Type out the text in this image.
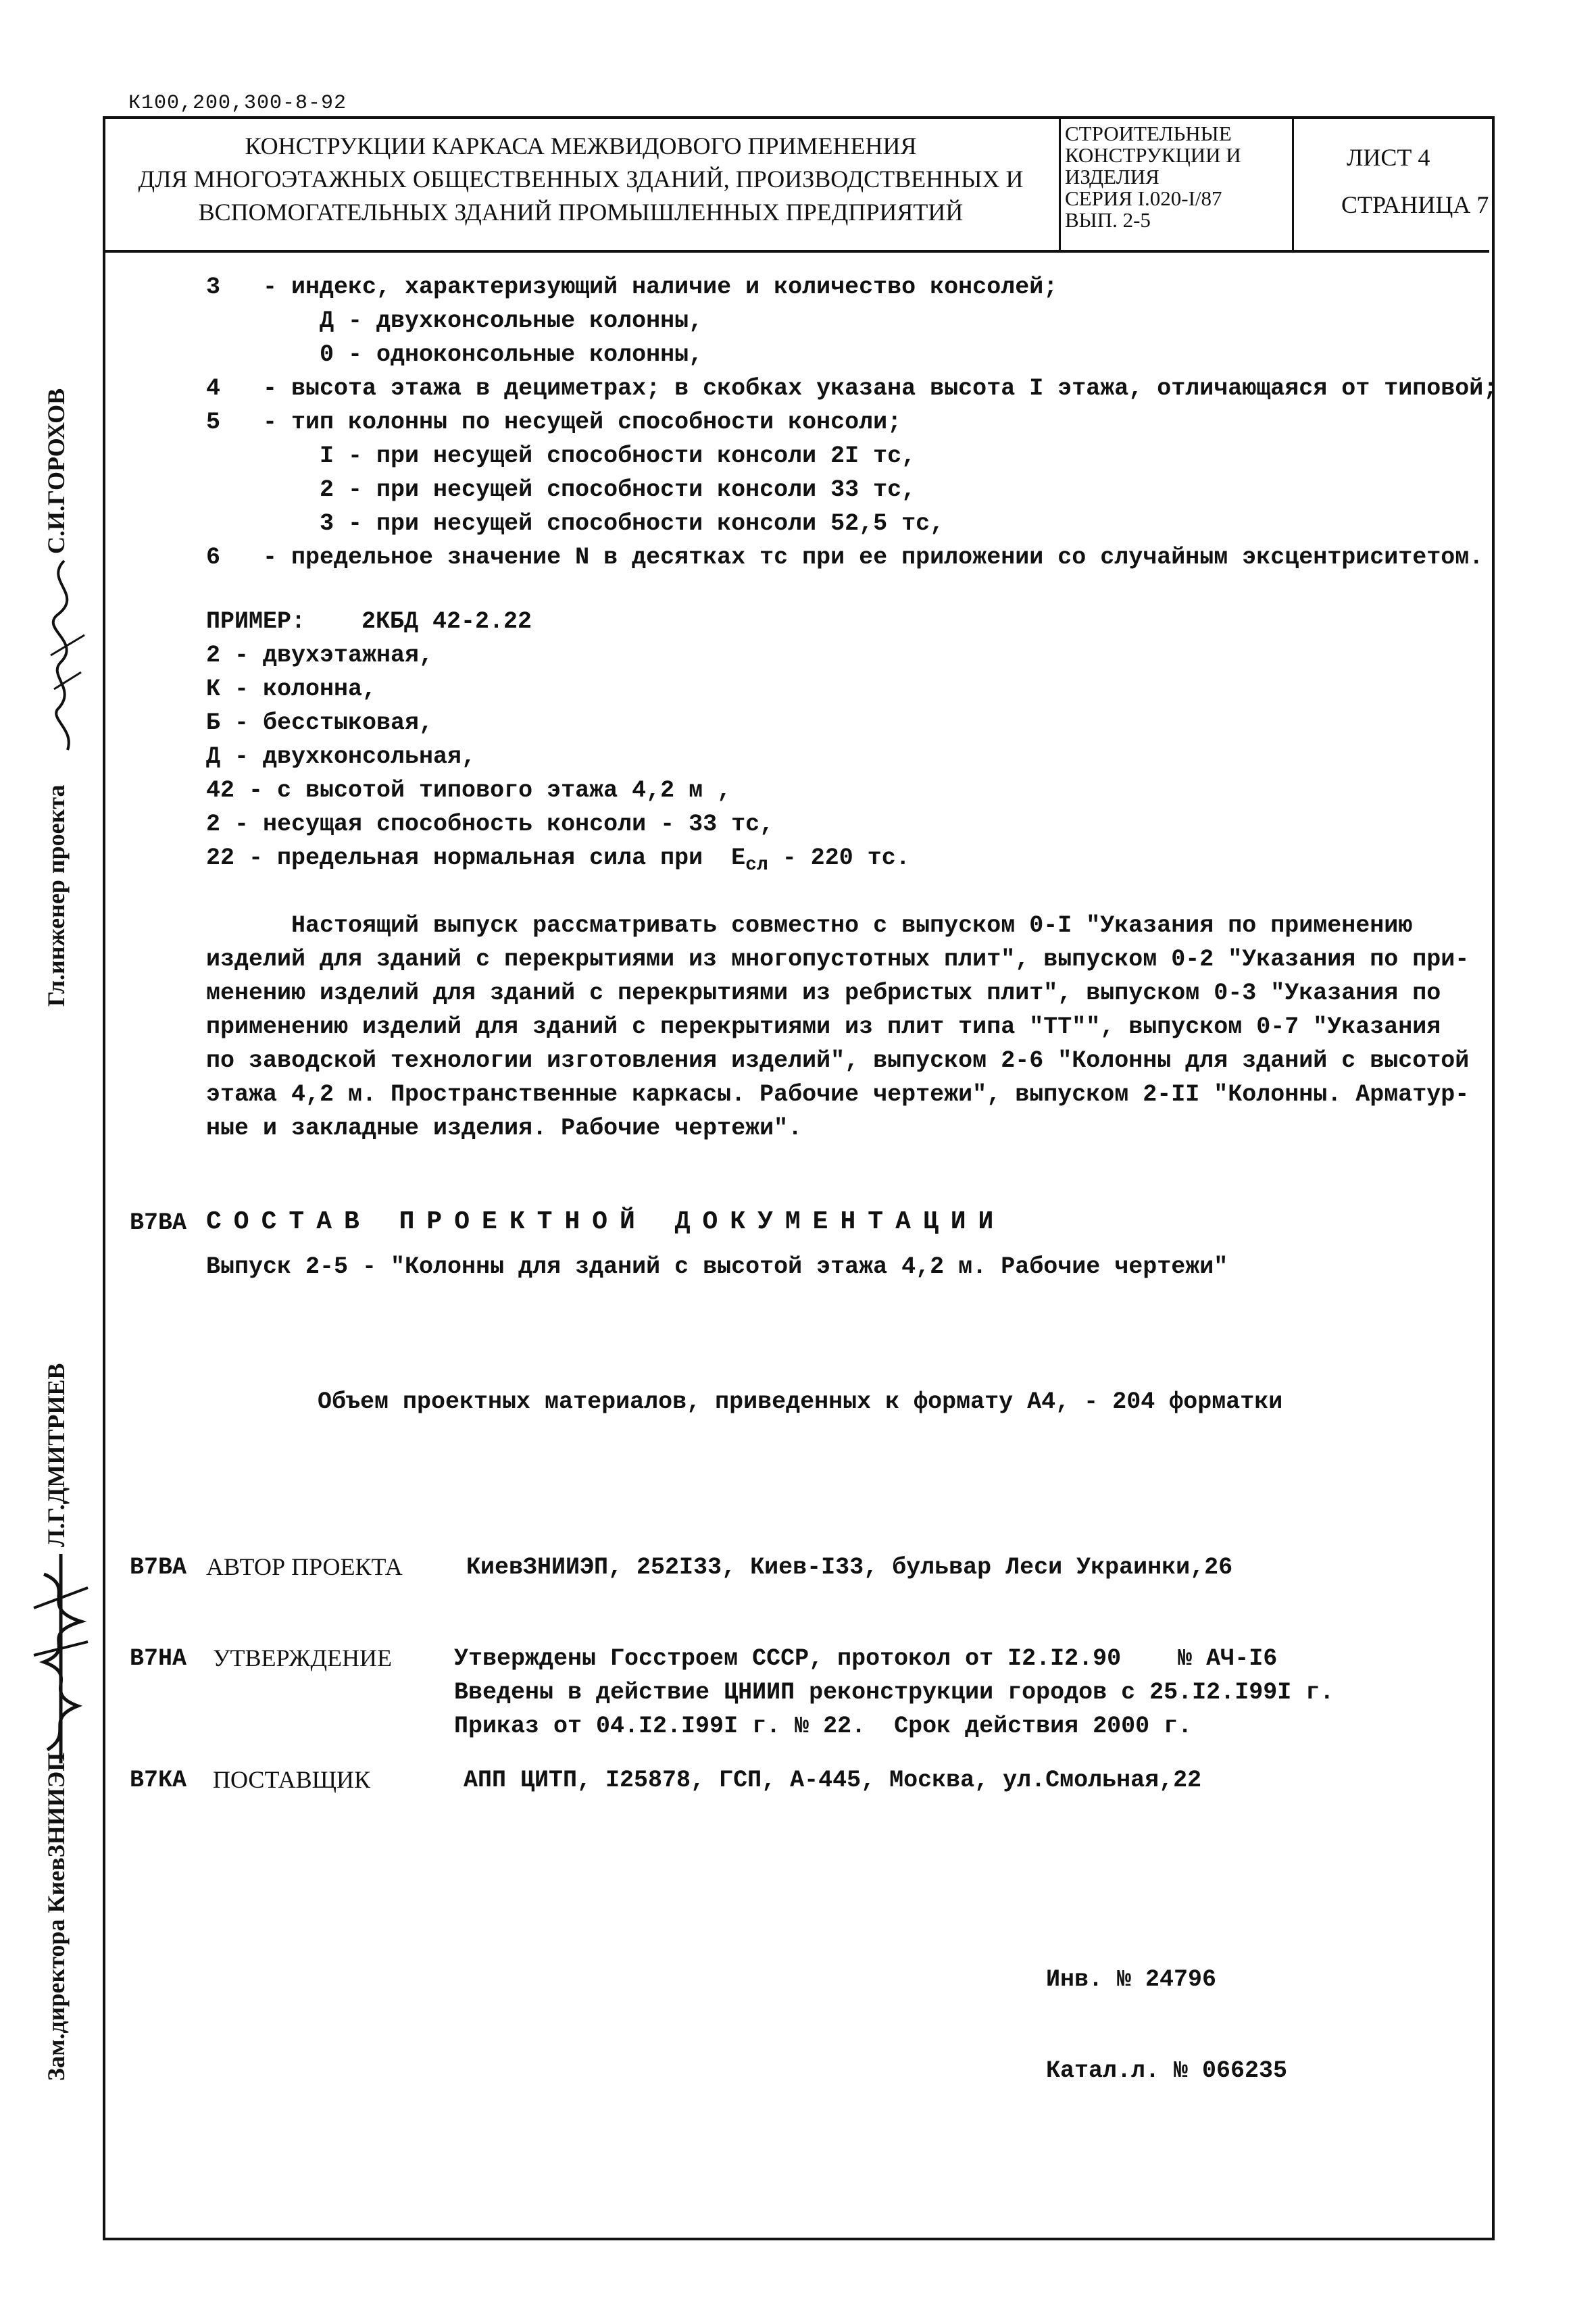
К100,200,300-8-92
КОНСТРУКЦИИ КАРКАСА МЕЖВИДОВОГО ПРИМЕНЕНИЯ
ДЛЯ МНОГОЭТАЖНЫХ ОБЩЕСТВЕННЫХ ЗДАНИЙ, ПРОИЗВОДСТВЕННЫХ И
ВСПОМОГАТЕЛЬНЫХ ЗДАНИЙ ПРОМЫШЛЕННЫХ ПРЕДПРИЯТИЙ
СТРОИТЕЛЬНЫЕ
КОНСТРУКЦИИ И
ИЗДЕЛИЯ
СЕРИЯ I.020-I/87
ВЫП. 2-5
ЛИСТ 4
СТРАНИЦА 7
3   - индекс, характеризующий наличие и количество консолей;
Д - двухконсольные колонны,
0 - одноконсольные колонны,
4   - высота этажа в дециметрах; в скобках указана высота I этажа, отличающаяся от типовой;
5   - тип колонны по несущей способности консоли;
I - при несущей способности консоли 2I тс,
2 - при несущей способности консоли 33 тс,
3 - при несущей способности консоли 52,5 тс,
6   - предельное значение N в десятках тс при ее приложении со случайным эксцентриситетом.
ПРИМЕР: 2КБД 42-2.22
2 - двухэтажная,
К - колонна,
Б - бесстыковая,
Д - двухконсольная,
42 - с высотой типового этажа 4,2 м ,
2 - несущая способность консоли - 33 тс,
22 - предельная нормальная сила при  $Е_{сл} - 220$ тс.
Настоящий выпуск рассматривать совместно с выпуском 0-I "Указания по применению
изделий для зданий с перекрытиями из многопустотных плит", выпуском 0-2 "Указания по при-
менению изделий для зданий с перекрытиями из ребристых плит", выпуском 0-3 "Указания по
применению изделий для зданий с перекрытиями из плит типа "ТТ"", выпуском 0-7 "Указания
по заводской технологии изготовления изделий", выпуском 2-6 "Колонны для зданий с высотой
этажа 4,2 м. Пространственные каркасы. Рабочие чертежи", выпуском 2-II "Колонны. Арматур-
ные и закладные изделия. Рабочие чертежи".
В7ВА СОСТАВ ПРОЕКТНОЙ ДОКУМЕНТАЦИИ
Выпуск 2-5 - "Колонны для зданий с высотой этажа 4,2 м. Рабочие чертежи"
Объем проектных материалов, приведенных к формату А4, - 204 форматки
В7ВА АВТОР ПРОЕКТА	КиевЗНИИЭП, 252I33, Киев-I33, бульвар Леси Украинки,26
В7НА УТВЕРЖДЕНИЕ	Утверждены Госстроем СССР, протокол от I2.I2.90    № АЧ-I6
Введены в действие ЦНИИП реконструкции городов с 25.I2.I99I г.
Приказ от 04.I2.I99I г. № 22.  Срок действия 2000 г.
В7КА ПОСТАВЩИК	АПП ЦИТП, I25878, ГСП, А-445, Москва, ул.Смольная,22
Инв. № 24796
Катал.л. № 066235
Гл.инженер проекта
С.И.ГОРОХОВ
Л.Г.ДМИТРИЕВ
Зам.директора КиевЗНИИЭП
